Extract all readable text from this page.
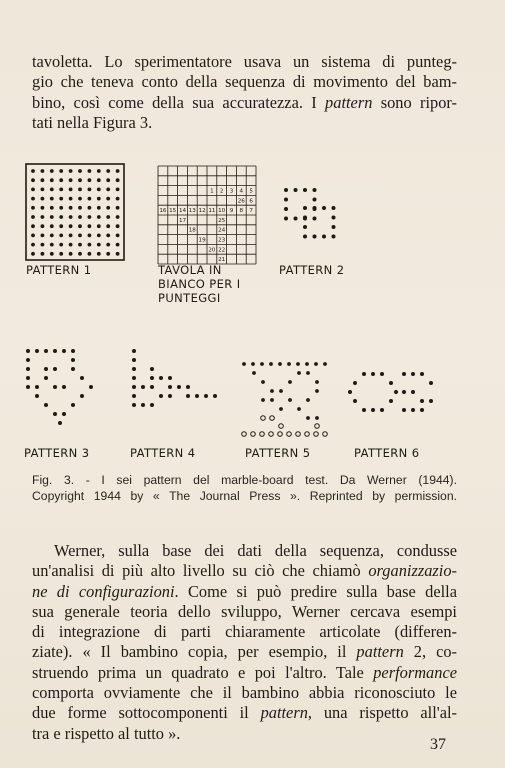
tavoletta. Lo sperimentatore usava un sistema di punteg-
gio che teneva conto della sequenza di movimento del bam-
bino, così come della sua accuratezza. I pattern sono ripor-
tati nella Figura 3.

PATTERN 1
1 2 3 4 5
26 6
16 15 14 13 12 11 10 9 8 7
17	25
18	24
19 23
20 22
21
TAVOLA IN
BIANCO PER I
PUNTEGGI
PATTERN 2
PATTERN 3	PATTERN 4	PATTERN 5	PATTERN 6
Fig. 3. - I sei pattern del marble-board test. Da Werner (1944).
Copyright 1944 by « The Journal Press ». Reprinted by permission.

Werner, sulla base dei dati della sequenza, condusse
un'analisi di più alto livello su ciò che chiamò organizzazio-
ne di configurazioni. Come si può predire sulla base della
sua generale teoria dello sviluppo, Werner cercava esempi
di integrazione di parti chiaramente articolate (differen-
ziate). « Il bambino copia, per esempio, il pattern 2, co-
struendo prima un quadrato e poi l'altro. Tale performance
comporta ovviamente che il bambino abbia riconosciuto le
due forme sottocomponenti il pattern, una rispetto all'al-
tra e rispetto al tutto ».

37
